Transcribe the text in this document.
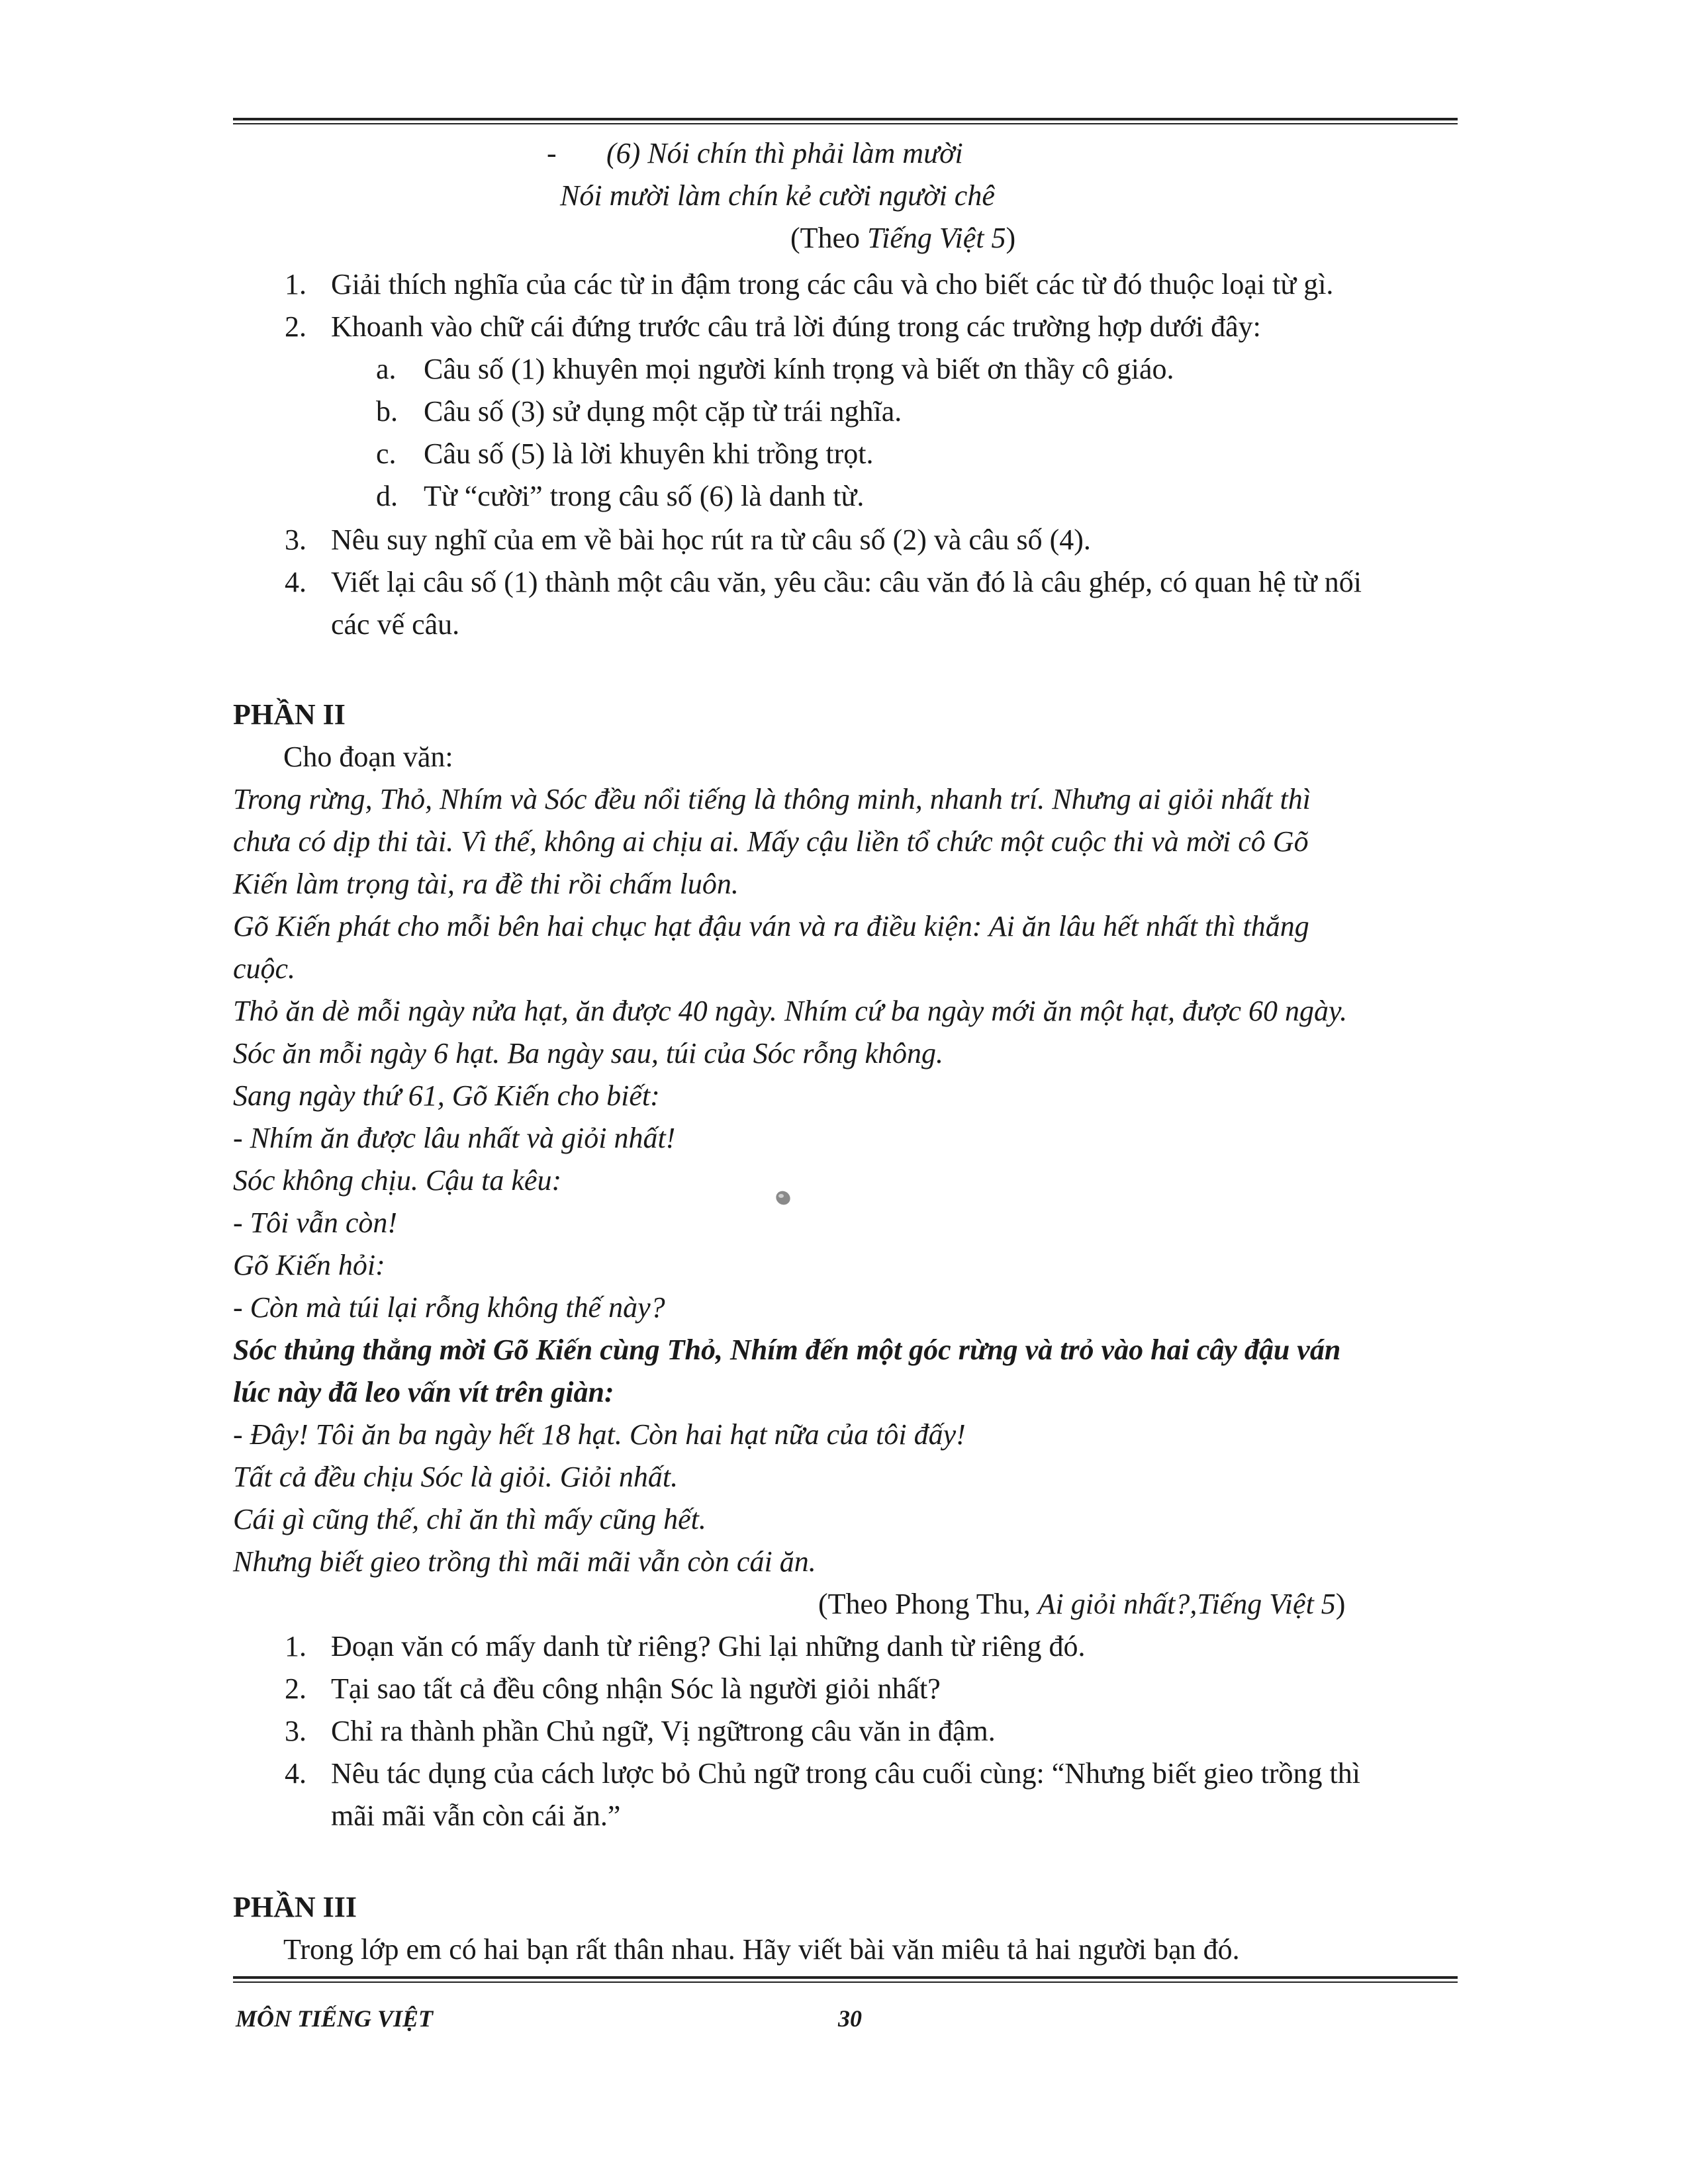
- (6) Nói chín thì phải làm mười
Nói mười làm chín kẻ cười người chê
(Theo Tiếng Việt 5)
1. Giải thích nghĩa của các từ in đậm trong các câu và cho biết các từ đó thuộc loại từ gì.
2. Khoanh vào chữ cái đứng trước câu trả lời đúng trong các trường hợp dưới đây:
a. Câu số (1) khuyên mọi người kính trọng và biết ơn thầy cô giáo.
b. Câu số (3) sử dụng một cặp từ trái nghĩa.
c. Câu số (5) là lời khuyên khi trồng trọt.
d. Từ “cười” trong câu số (6) là danh từ.
3. Nêu suy nghĩ của em về bài học rút ra từ câu số (2) và câu số (4).
4. Viết lại câu số (1) thành một câu văn, yêu cầu: câu văn đó là câu ghép, có quan hệ từ nối
các vế câu.
PHẦN II
Cho đoạn văn:
Trong rừng, Thỏ, Nhím và Sóc đều nổi tiếng là thông minh, nhanh trí. Nhưng ai giỏi nhất thì
chưa có dịp thi tài. Vì thế, không ai chịu ai. Mấy cậu liền tổ chức một cuộc thi và mời cô Gõ
Kiến làm trọng tài, ra đề thi rồi chấm luôn.
Gõ Kiến phát cho mỗi bên hai chục hạt đậu ván và ra điều kiện: Ai ăn lâu hết nhất thì thắng
cuộc.
Thỏ ăn dè mỗi ngày nửa hạt, ăn được 40 ngày. Nhím cứ ba ngày mới ăn một hạt, được 60 ngày.
Sóc ăn mỗi ngày 6 hạt. Ba ngày sau, túi của Sóc rỗng không.
Sang ngày thứ 61, Gõ Kiến cho biết:
- Nhím ăn được lâu nhất và giỏi nhất!
Sóc không chịu. Cậu ta kêu:
- Tôi vẫn còn!
Gõ Kiến hỏi:
- Còn mà túi lại rỗng không thế này?
Sóc thủng thẳng mời Gõ Kiến cùng Thỏ, Nhím đến một góc rừng và trỏ vào hai cây đậu ván
lúc này đã leo vấn vít trên giàn:
- Đây! Tôi ăn ba ngày hết 18 hạt. Còn hai hạt nữa của tôi đấy!
Tất cả đều chịu Sóc là giỏi. Giỏi nhất.
Cái gì cũng thế, chỉ ăn thì mấy cũng hết.
Nhưng biết gieo trồng thì mãi mãi vẫn còn cái ăn.
(Theo Phong Thu, Ai giỏi nhất?,Tiếng Việt 5)
1. Đoạn văn có mấy danh từ riêng? Ghi lại những danh từ riêng đó.
2. Tại sao tất cả đều công nhận Sóc là người giỏi nhất?
3. Chỉ ra thành phần Chủ ngữ, Vị ngữtrong câu văn in đậm.
4. Nêu tác dụng của cách lược bỏ Chủ ngữ trong câu cuối cùng: “Nhưng biết gieo trồng thì
mãi mãi vẫn còn cái ăn.”
PHẦN III
Trong lớp em có hai bạn rất thân nhau. Hãy viết bài văn miêu tả hai người bạn đó.
MÔN TIẾNG VIỆT	30
